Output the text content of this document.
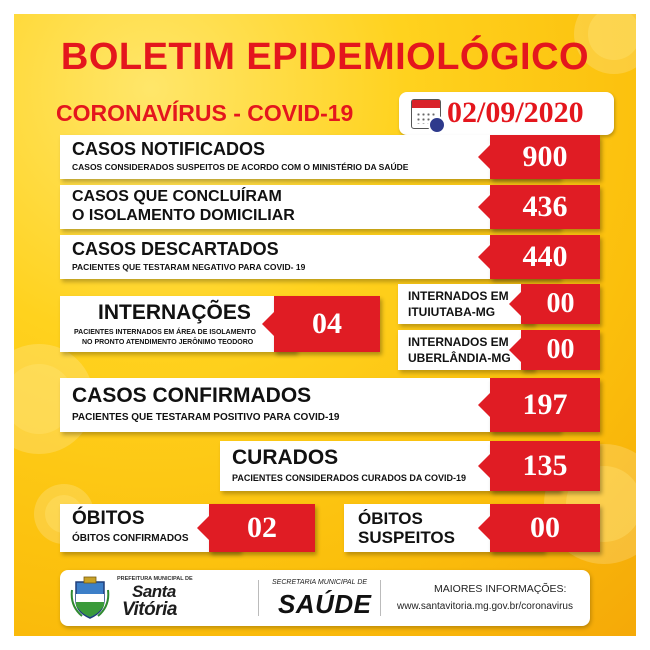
BOLETIM EPIDEMIOLÓGICO
CORONAVÍRUS - COVID-19	02/09/2020
CASOS NOTIFICADOS
CASOS CONSIDERADOS SUSPEITOS DE ACORDO COM O MINISTÉRIO DA SAÚDE	900
CASOS QUE CONCLUÍRAM
O ISOLAMENTO DOMICILIAR	436
CASOS DESCARTADOS
PACIENTES QUE TESTARAM NEGATIVO PARA COVID- 19	440
INTERNAÇÕES
PACIENTES INTERNADOS EM ÁREA DE ISOLAMENTO
NO PRONTO ATENDIMENTO JERÔNIMO TEODORO
04
INTERNADOS EM
ITUIUTABA-MG	00
INTERNADOS EM
UBERLÂNDIA-MG	00
CASOS CONFIRMADOS
PACIENTES QUE TESTARAM POSITIVO PARA COVID-19	197
CURADOS
PACIENTES CONSIDERADOS CURADOS DA COVID-19	135
ÓBITOS
ÓBITOS CONFIRMADOS	02	ÓBITOS
SUSPEITOS	00
PREFEITURA MUNICIPAL DE
Santa
Vitória
SECRETARIA MUNICIPAL DE
SAÚDE	MAIORES INFORMAÇÕES:
www.santavitoria.mg.gov.br/coronavirus
